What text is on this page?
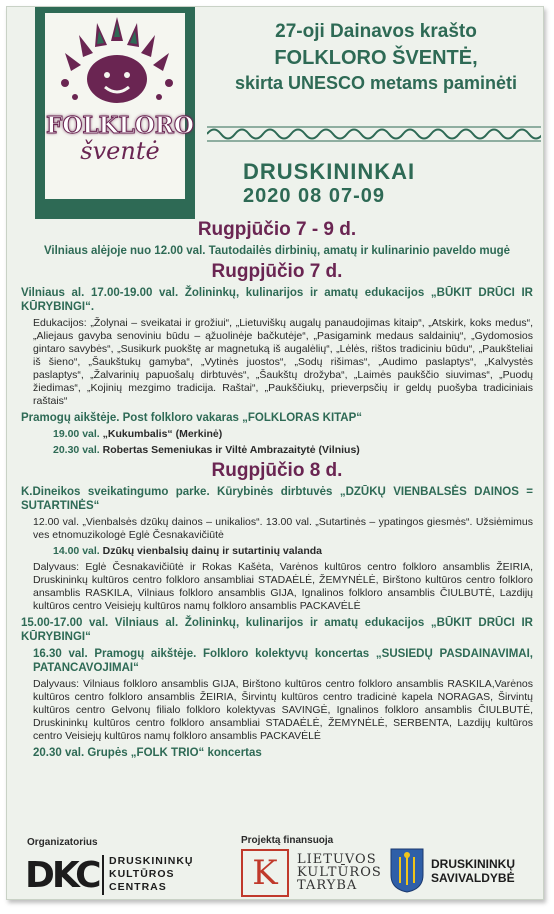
FOLKLORO
šventė
27-oji Dainavos krašto
FOLKLORO ŠVENTĖ,
skirta UNESCO metams paminėti
DRUSKININKAI
2020 08 07-09
Rugpjūčio 7 - 9 d.
Vilniaus alėjoje nuo 12.00 val. Tautodailės dirbinių, amatų ir kulinarinio paveldo mugė
Rugpjūčio 7 d.
Vilniaus al. 17.00-19.00 val. Žolininkų, kulinarijos ir amatų edukacijos „BŪKIT DRŪCI IR KŪRYBINGI“.
Edukacijos: „Žolynai – sveikatai ir grožiui“, „Lietuviškų augalų panaudojimas kitaip“, „Atskirk, koks medus“, „Aliejaus gavyba senoviniu būdu – ąžuolinėje bačkutėje“, „Pasigamink medaus saldainių“, „Gydomosios gintaro savybės“, „Susikurk puokštę ar magnetuką iš augalėlių“, „Lėlės, rištos tradiciniu būdu“, „Paukšteliai iš šieno“, „Šaukštukų gamyba“, „Vytinės juostos“, „Sodų rišimas“, „Audimo paslaptys“, „Kalvystės paslaptys“, „Žalvarinių papuošalų dirbtuvės“, „Šaukštų drožyba“, „Laimės paukščio siuvimas“, „Puodų žiedimas“, „Kojinių mezgimo tradicija. Raštai“, „Paukščiukų, prieverpsčių ir geldų puošyba tradiciniais raštais“
Pramogų aikštėje. Post folkloro vakaras „FOLKLORAS KITAP“
19.00 val. „Kukumbalis“ (Merkinė)
20.30 val. Robertas Semeniukas ir Viltė Ambrazaitytė (Vilnius)
Rugpjūčio 8 d.
K.Dineikos sveikatingumo parke. Kūrybinės dirbtuvės „DZŪKŲ VIENBALSĖS DAINOS = SUTARTINĖS“
12.00 val. „Vienbalsės dzūkų dainos – unikalios“. 13.00 val. „Sutartinės – ypatingos giesmės“. Užsiėmimus ves etnomuzikologė Eglė Česnakavičiūtė
14.00 val. Dzūkų vienbalsių dainų ir sutartinių valanda
Dalyvaus: Eglė Česnakavičiūtė ir Rokas Kašėta, Varėnos kultūros centro folkloro ansamblis ŽEIRIA, Druskininkų kultūros centro folkloro ansambliai STADAĖLĖ, ŽEMYNĖLĖ, Birštono kultūros centro folkloro ansamblis RASKILA, Vilniaus folkloro ansamblis GIJA, Ignalinos folkloro ansamblis ČIULBUTĖ, Lazdijų kultūros centro Veisiejų kultūros namų folkloro ansamblis PACKAVĖLĖ
15.00-17.00 val. Vilniaus al. Žolininkų, kulinarijos ir amatų edukacijos „BŪKIT DRŪCI IR KŪRYBINGI“
16.30 val. Pramogų aikštėje. Folkloro kolektyvų koncertas „SUSIEDŲ PASDAINAVIMAI, PATANCAVOJIMAI“
Dalyvaus: Vilniaus folkloro ansamblis GIJA, Birštono kultūros centro folkloro ansamblis RASKILA,Varėnos kultūros centro folkloro ansamblis ŽEIRIA, Širvintų kultūros centro tradicinė kapela NORAGAS, Širvintų kultūros centro Gelvonų filialo folkloro kolektyvas SAVINGĖ, Ignalinos folkloro ansamblis ČIULBUTĖ, Druskininkų kultūros centro folkloro ansambliai STADAĖLĖ, ŽEMYNĖLĖ, SERBENTA, Lazdijų kultūros centro Veisiejų kultūros namų folkloro ansamblis PACKAVĖLĖ
20.30 val. Grupės „FOLK TRIO“ koncertas
Organizatorius
DKC DRUSKININKŲ
KULTŪROS
CENTRAS
Projektą finansuoja
K	LIETUVOS
KULTŪROS
TARYBA
DRUSKININKŲ
SAVIVALDYBĖ
